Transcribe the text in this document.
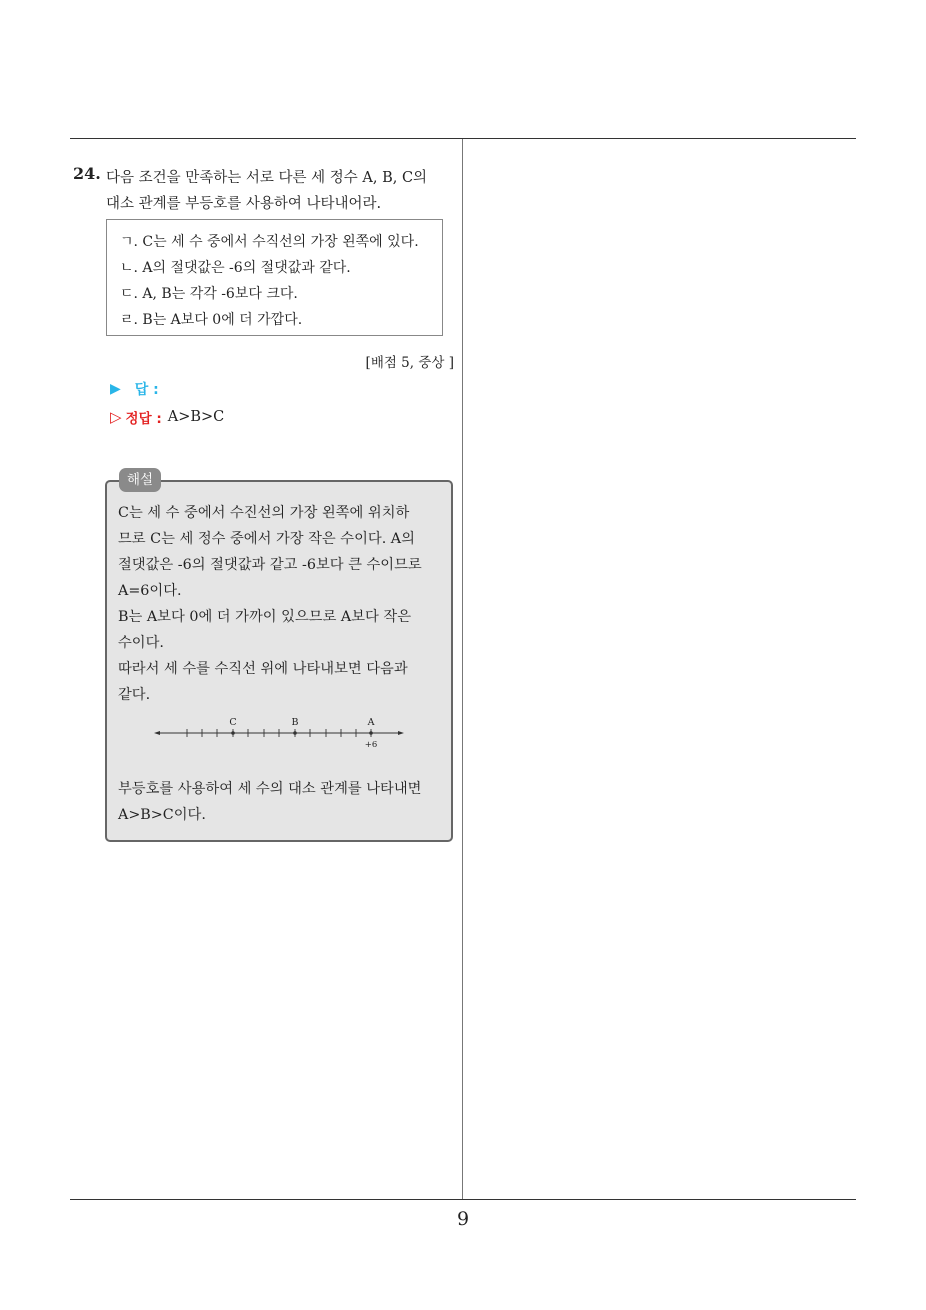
24. 다음 조건을 만족하는 서로 다른 세 정수 A, B, C의
대소 관계를 부등호를 사용하여 나타내어라.
ㄱ. C는 세 수 중에서 수직선의 가장 왼쪽에 있다.
ㄴ. A의 절댓값은 -6의 절댓값과 같다.
ㄷ. A, B는 각각 -6보다 크다.
ㄹ. B는 A보다 0에 더 가깝다.
[배점 5, 중상 ]
▶ 답 :
▷ 정답 : A>B>C
해설
C는 세 수 중에서 수진선의 가장 왼쪽에 위치하
므로 C는 세 정수 중에서 가장 작은 수이다. A의
절댓값은 -6의 절댓값과 같고 -6보다 큰 수이므로
A=6이다.
B는 A보다 0에 더 가까이 있으므로 A보다 작은
수이다.
따라서 세 수를 수직선 위에 나타내보면 다음과
같다.
C	B	A
+6
부등호를 사용하여 세 수의 대소 관계를 나타내면
A>B>C이다.
9
